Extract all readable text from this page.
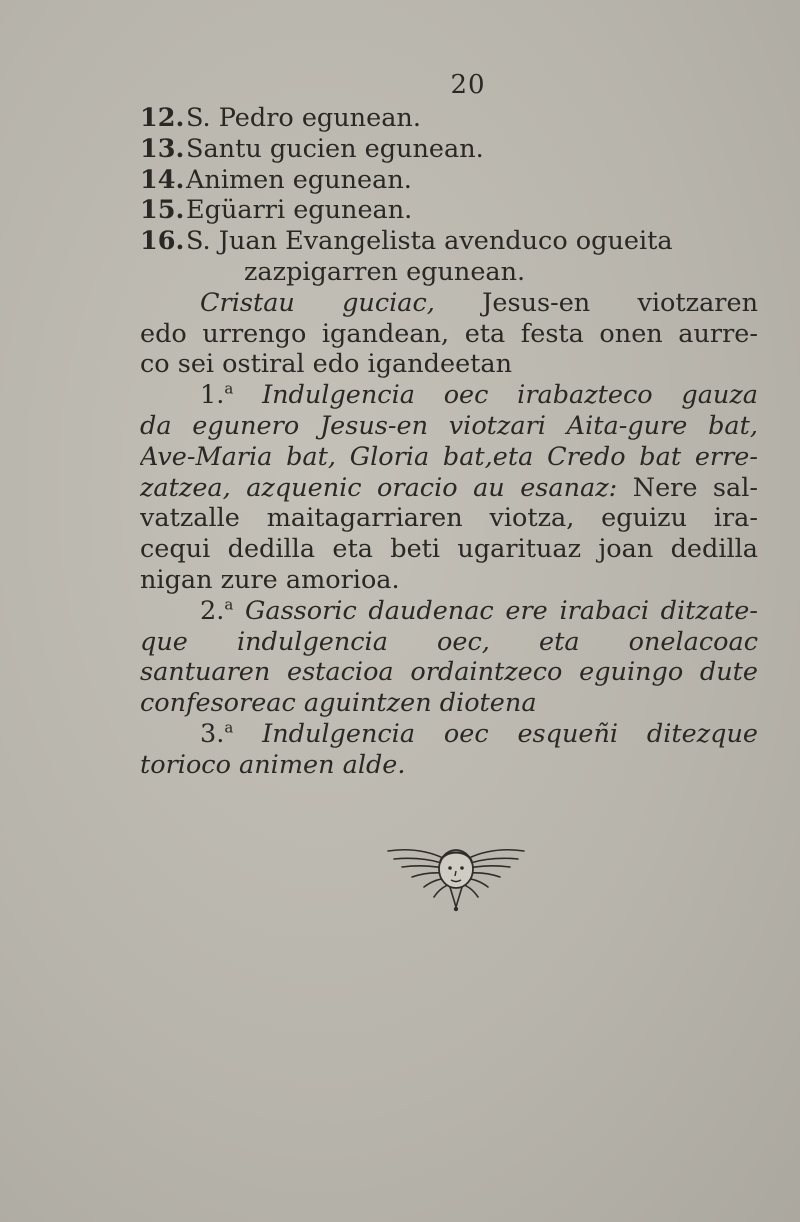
20
12.S. Pedro egunean.
13.Santu gucien egunean.
14.Animen egunean.
15.Egüarri egunean.
16.S. Juan Evangelista avenduco ogueita
zazpigarren egunean.
Cristau guciac, Jesus-en viotzaren
edo urrengo igandean, eta festa onen aurre-
co sei ostiral edo igandeetan
1.$^a$ Indulgencia oec irabazteco gauza
da egunero Jesus-en viotzari Aita-gure bat,
Ave-Maria bat, Gloria bat,eta Credo bat erre-
zatzea, azquenic oracio au esanaz: Nere sal-
vatzalle maitagarriaren viotza, eguizu ira-
cequi dedilla eta beti ugarituaz joan dedilla
nigan zure amorioa.
2.$^a$ Gassoric daudenac ere irabaci ditzate-
que indulgencia oec, eta onelacoac
santuaren estacioa ordaintzeco eguingo dute
confesoreac aguintzen diotena
3.$^a$ Indulgencia oec esqueñi ditezque
torioco animen alde.
